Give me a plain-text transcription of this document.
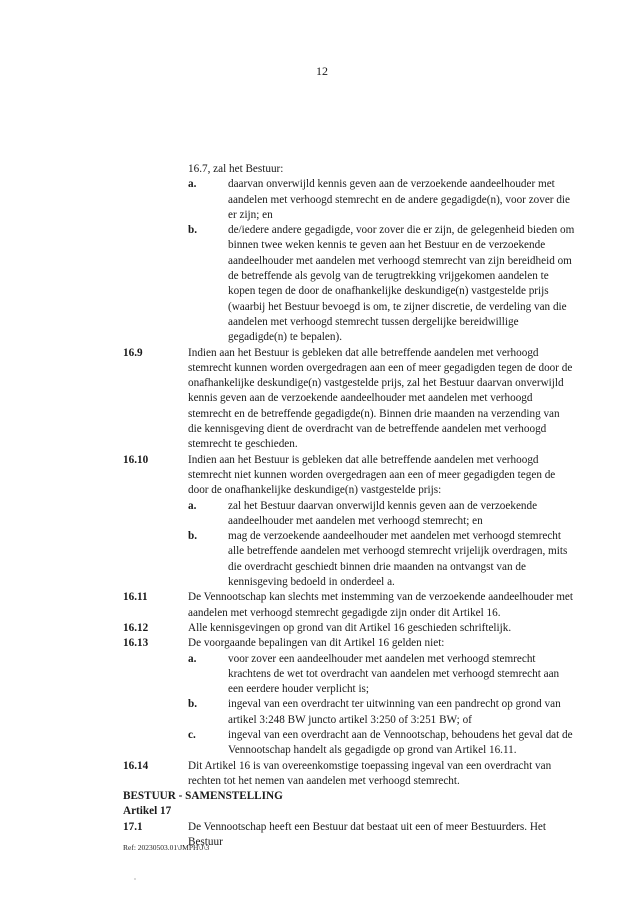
12
16.7, zal het Bestuur:
a.	daarvan onverwijld kennis geven aan de verzoekende aandeelhouder met aandelen met verhoogd stemrecht en de andere gegadigde(n), voor zover die er zijn; en
b.	de/iedere andere gegadigde, voor zover die er zijn, de gelegenheid bieden om binnen twee weken kennis te geven aan het Bestuur en de verzoekende aandeelhouder met aandelen met verhoogd stemrecht van zijn bereidheid om de betreffende als gevolg van de terugtrekking vrijgekomen aandelen te kopen tegen de door de onafhankelijke deskundige(n) vastgestelde prijs (waarbij het Bestuur bevoegd is om, te zijner discretie, de verdeling van die aandelen met verhoogd stemrecht tussen dergelijke bereidwillige gegadigde(n) te bepalen).
16.9	Indien aan het Bestuur is gebleken dat alle betreffende aandelen met verhoogd stemrecht kunnen worden overgedragen aan een of meer gegadigden tegen de door de onafhankelijke deskundige(n) vastgestelde prijs, zal het Bestuur daarvan onverwijld kennis geven aan de verzoekende aandeelhouder met aandelen met verhoogd stemrecht en de betreffende gegadigde(n). Binnen drie maanden na verzending van die kennisgeving dient de overdracht van de betreffende aandelen met verhoogd stemrecht te geschieden.
16.10	Indien aan het Bestuur is gebleken dat alle betreffende aandelen met verhoogd stemrecht niet kunnen worden overgedragen aan een of meer gegadigden tegen de door de onafhankelijke deskundige(n) vastgestelde prijs:
a.	zal het Bestuur daarvan onverwijld kennis geven aan de verzoekende aandeelhouder met aandelen met verhoogd stemrecht; en
b.	mag de verzoekende aandeelhouder met aandelen met verhoogd stemrecht alle betreffende aandelen met verhoogd stemrecht vrijelijk overdragen, mits die overdracht geschiedt binnen drie maanden na ontvangst van de kennisgeving bedoeld in onderdeel a.
16.11	De Vennootschap kan slechts met instemming van de verzoekende aandeelhouder met aandelen met verhoogd stemrecht gegadigde zijn onder dit Artikel 16.
16.12	Alle kennisgevingen op grond van dit Artikel 16 geschieden schriftelijk.
16.13	De voorgaande bepalingen van dit Artikel 16 gelden niet:
a.	voor zover een aandeelhouder met aandelen met verhoogd stemrecht krachtens de wet tot overdracht van aandelen met verhoogd stemrecht aan een eerdere houder verplicht is;
b.	ingeval van een overdracht ter uitwinning van een pandrecht op grond van artikel 3:248 BW juncto artikel 3:250 of 3:251 BW; of
c.	ingeval van een overdracht aan de Vennootschap, behoudens het geval dat de Vennootschap handelt als gegadigde op grond van Artikel 16.11.
16.14	Dit Artikel 16 is van overeenkomstige toepassing ingeval van een overdracht van rechten tot het nemen van aandelen met verhoogd stemrecht.
BESTUUR - SAMENSTELLING
Artikel 17
17.1	De Vennootschap heeft een Bestuur dat bestaat uit een of meer Bestuurders. Het Bestuur
Ref: 20230503.01\JMPH\J\3
